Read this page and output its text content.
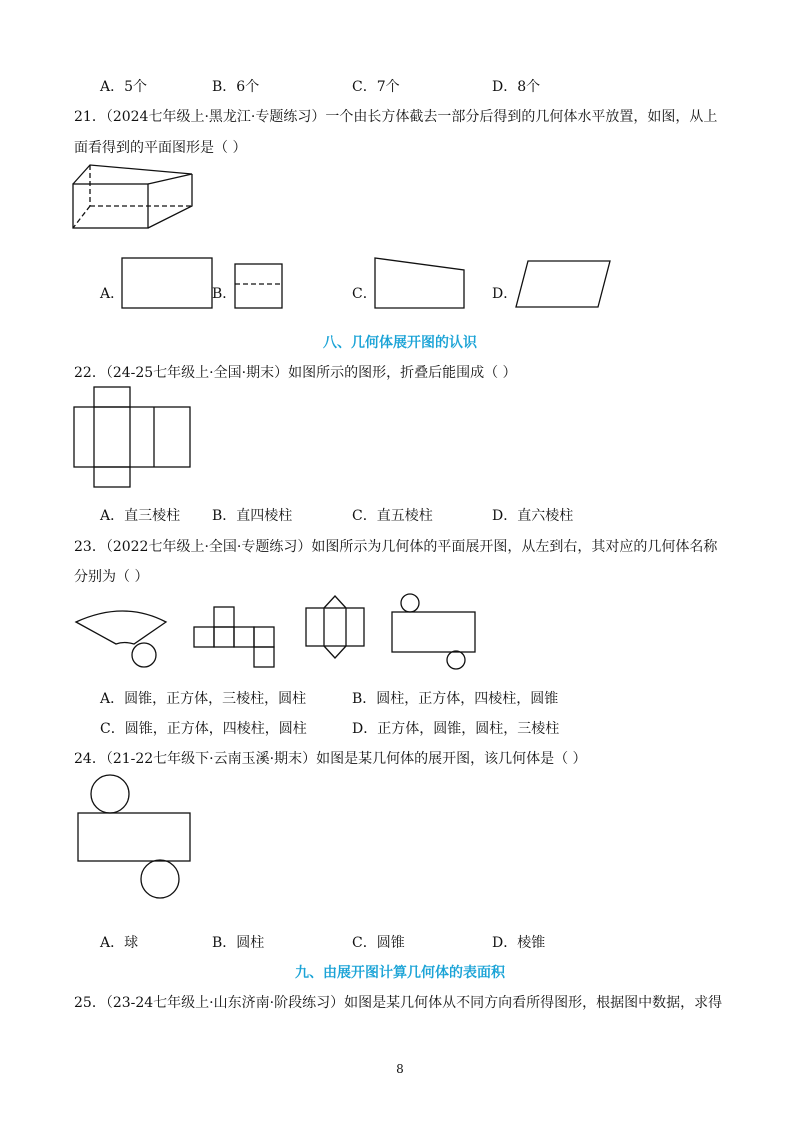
A．5个	B．6个	C．7个	D．8个
21．（2024七年级上·黑龙江·专题练习）一个由长方体截去一部分后得到的几何体水平放置，如图，从上
面看得到的平面图形是（ ）
A．	B．	C．	D．
八、几何体展开图的认识
22．（24-25七年级上·全国·期末）如图所示的图形，折叠后能围成（ ）
A．直三棱柱 B．直四棱柱	C．直五棱柱	D．直六棱柱
23．（2022七年级上·全国·专题练习）如图所示为几何体的平面展开图，从左到右，其对应的几何体名称
分别为（ ）
A．圆锥，正方体，三棱柱，圆柱	B．圆柱，正方体，四棱柱，圆锥
C．圆锥，正方体，四棱柱，圆柱	D．正方体，圆锥，圆柱，三棱柱
24．（21-22七年级下·云南玉溪·期末）如图是某几何体的展开图，该几何体是（ ）
A．球	B．圆柱	C．圆锥	D．棱锥
九、由展开图计算几何体的表面积
25．（23-24七年级上·山东济南·阶段练习）如图是某几何体从不同方向看所得图形，根据图中数据，求得
8
